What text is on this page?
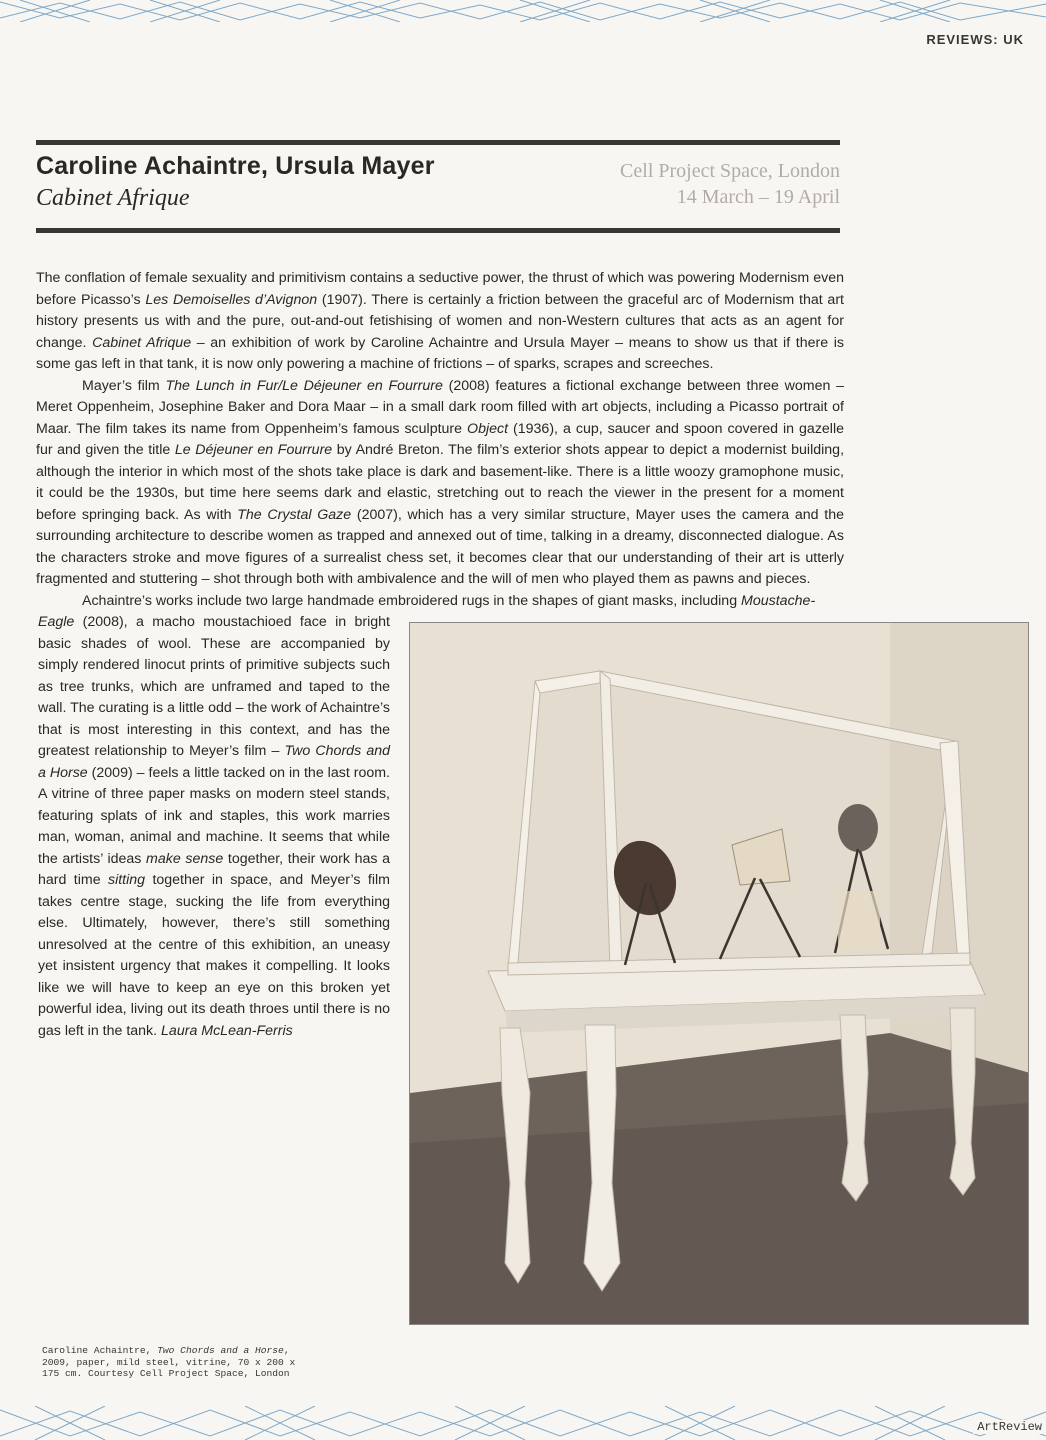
REVIEWS: UK
Caroline Achaintre, Ursula Mayer
Cabinet Afrique
Cell Project Space, London
14 March – 19 April

The conflation of female sexuality and primitivism contains a seductive power, the thrust of which was powering Modernism even before Picasso’s Les Demoiselles d’Avignon (1907). There is certainly a friction between the graceful arc of Modernism that art history presents us with and the pure, out-and-out fetishising of women and non-Western cultures that acts as an agent for change. Cabinet Afrique – an exhibition of work by Caroline Achaintre and Ursula Mayer – means to show us that if there is some gas left in that tank, it is now only powering a machine of frictions – of sparks, scrapes and screeches.

Mayer’s film The Lunch in Fur/Le Déjeuner en Fourrure (2008) features a fictional exchange between three women – Meret Oppenheim, Josephine Baker and Dora Maar – in a small dark room filled with art objects, including a Picasso portrait of Maar. The film takes its name from Oppenheim’s famous sculpture Object (1936), a cup, saucer and spoon covered in gazelle fur and given the title Le Déjeuner en Fourrure by André Breton. The film’s exterior shots appear to depict a modernist building, although the interior in which most of the shots take place is dark and basement-like. There is a little woozy gramophone music, it could be the 1930s, but time here seems dark and elastic, stretching out to reach the viewer in the present for a moment before springing back. As with The Crystal Gaze (2007), which has a very similar structure, Mayer uses the camera and the surrounding architecture to describe women as trapped and annexed out of time, talking in a dreamy, disconnected dialogue. As the characters stroke and move figures of a surrealist chess set, it becomes clear that our understanding of their art is utterly fragmented and stuttering – shot through both with ambivalence and the will of men who played them as pawns and pieces.

Achaintre’s works include two large handmade embroidered rugs in the shapes of giant masks, including Moustache-

Eagle (2008), a macho moustachioed face in bright basic shades of wool. These are accompanied by simply rendered linocut prints of primitive subjects such as tree trunks, which are unframed and taped to the wall. The curating is a little odd – the work of Achaintre’s that is most interesting in this context, and has the greatest relationship to Meyer’s film – Two Chords and a Horse (2009) – feels a little tacked on in the last room. A vitrine of three paper masks on modern steel stands, featuring splats of ink and staples, this work marries man, woman, animal and machine. It seems that while the artists’ ideas make sense together, their work has a hard time sitting together in space, and Meyer’s film takes centre stage, sucking the life from everything else. Ultimately, however, there’s still something unresolved at the centre of this exhibition, an uneasy yet insistent urgency that makes it compelling. It looks like we will have to keep an eye on this broken yet powerful idea, living out its death throes until there is no gas left in the tank. Laura McLean-Ferris
Caroline Achaintre, Two Chords and a Horse, 2009, paper, mild steel, vitrine, 70 x 200 x 175 cm. Courtesy Cell Project Space, London
ArtReview
